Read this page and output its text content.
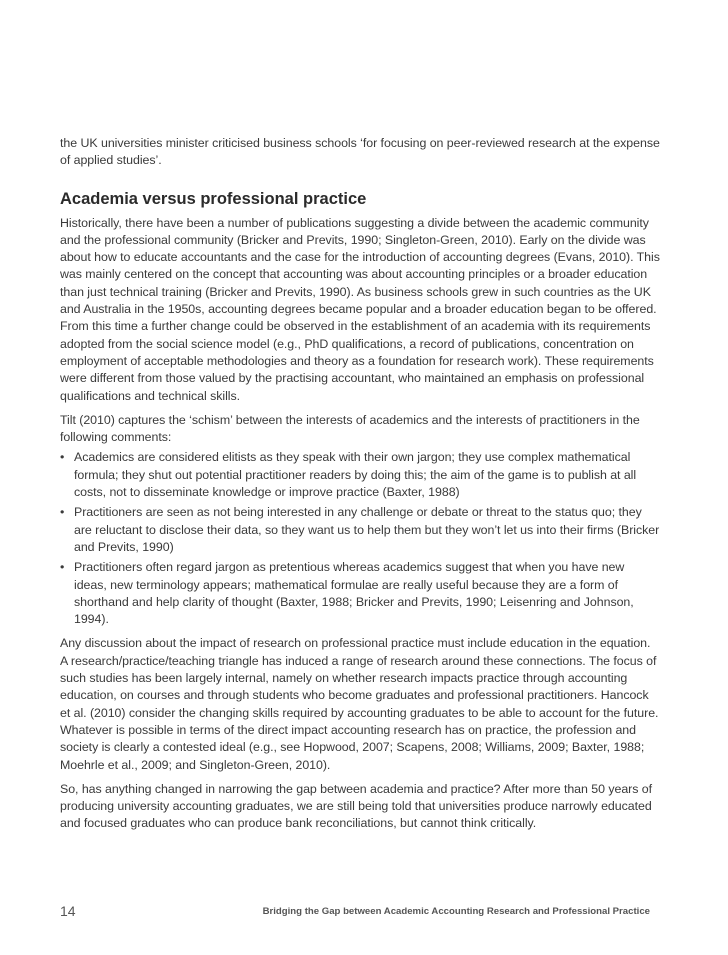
the UK universities minister criticised business schools ‘for focusing on peer-reviewed research at the expense of applied studies’.

Academia versus professional practice

Historically, there have been a number of publications suggesting a divide between the academic community and the professional community (Bricker and Previts, 1990; Singleton-Green, 2010). Early on the divide was about how to educate accountants and the case for the introduction of accounting degrees (Evans, 2010). This was mainly centered on the concept that accounting was about accounting principles or a broader education than just technical training (Bricker and Previts, 1990). As business schools grew in such countries as the UK and Australia in the 1950s, accounting degrees became popular and a broader education began to be offered. From this time a further change could be observed in the establishment of an academia with its requirements adopted from the social science model (e.g., PhD qualifications, a record of publications, concentration on employment of acceptable methodologies and theory as a foundation for research work). These requirements were different from those valued by the practising accountant, who maintained an emphasis on professional qualifications and technical skills.

Tilt (2010) captures the ‘schism’ between the interests of academics and the interests of practitioners in the following comments:

• Academics are considered elitists as they speak with their own jargon; they use complex mathematical formula; they shut out potential practitioner readers by doing this; the aim of the game is to publish at all costs, not to disseminate knowledge or improve practice (Baxter, 1988)
• Practitioners are seen as not being interested in any challenge or debate or threat to the status quo; they are reluctant to disclose their data, so they want us to help them but they won’t let us into their firms (Bricker and Previts, 1990)
• Practitioners often regard jargon as pretentious whereas academics suggest that when you have new ideas, new terminology appears; mathematical formulae are really useful because they are a form of shorthand and help clarity of thought (Baxter, 1988; Bricker and Previts, 1990; Leisenring and Johnson, 1994).

Any discussion about the impact of research on professional practice must include education in the equation. A research/practice/teaching triangle has induced a range of research around these connections. The focus of such studies has been largely internal, namely on whether research impacts practice through accounting education, on courses and through students who become graduates and professional practitioners. Hancock et al. (2010) consider the changing skills required by accounting graduates to be able to account for the future. Whatever is possible in terms of the direct impact accounting research has on practice, the profession and society is clearly a contested ideal (e.g., see Hopwood, 2007; Scapens, 2008; Williams, 2009; Baxter, 1988; Moehrle et al., 2009; and Singleton-Green, 2010).

So, has anything changed in narrowing the gap between academia and practice? After more than 50 years of producing university accounting graduates, we are still being told that universities produce narrowly educated and focused graduates who can produce bank reconciliations, but cannot think critically.

14	Bridging the Gap between Academic Accounting Research and Professional Practice
